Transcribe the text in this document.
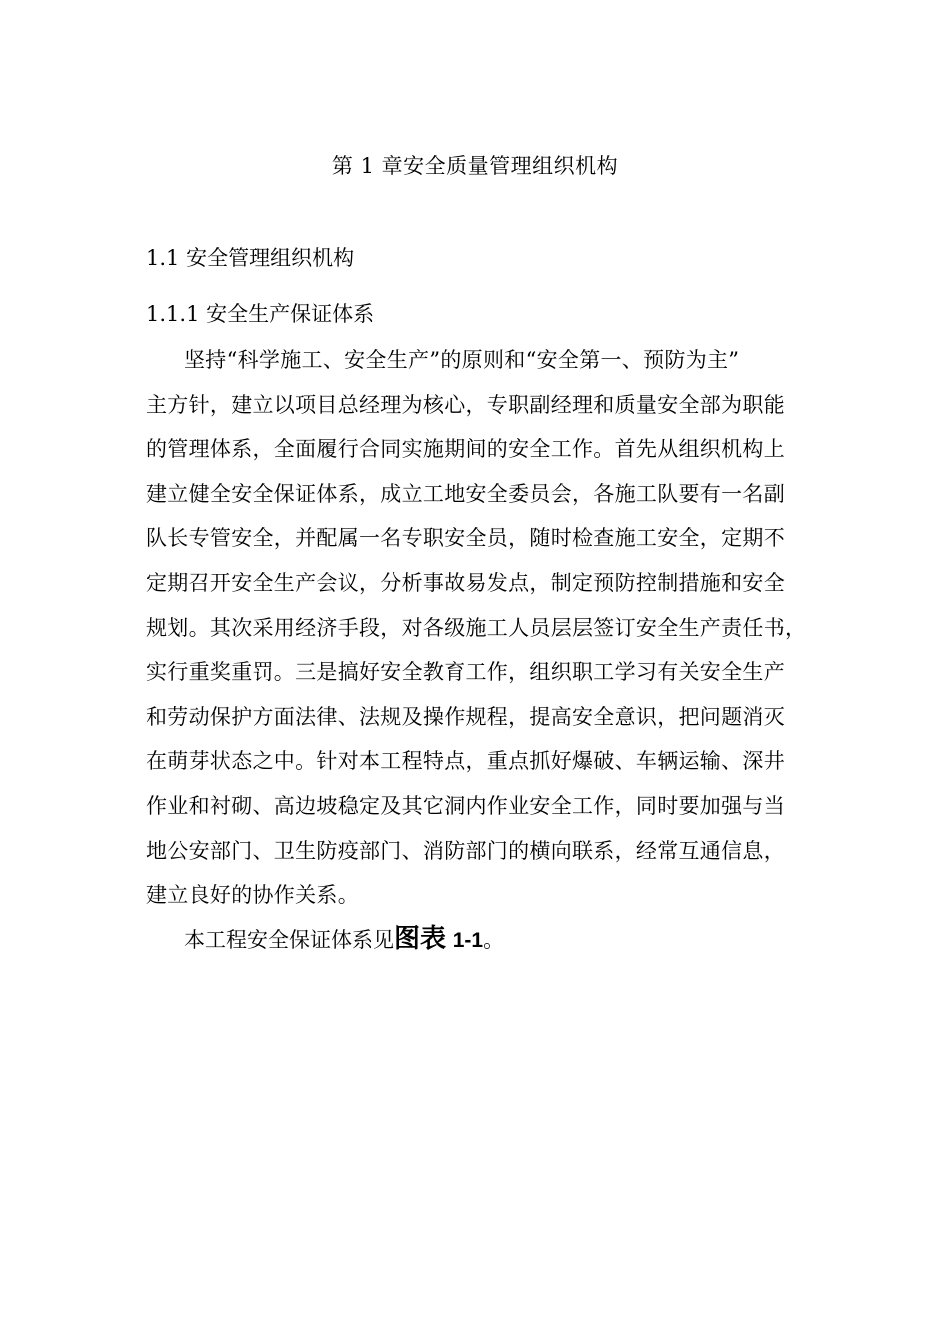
第 1 章安全质量管理组织机构
1.1 安全管理组织机构
1.1.1 安全生产保证体系
坚持“科学施工、安全生产”的原则和“安全第一、预防为主”
主方针，建立以项目总经理为核心，专职副经理和质量安全部为职能
的管理体系，全面履行合同实施期间的安全工作。首先从组织机构上
建立健全安全保证体系，成立工地安全委员会，各施工队要有一名副
队长专管安全，并配属一名专职安全员，随时检查施工安全，定期不
定期召开安全生产会议，分析事故易发点，制定预防控制措施和安全
规划。其次采用经济手段，对各级施工人员层层签订安全生产责任书，
实行重奖重罚。三是搞好安全教育工作，组织职工学习有关安全生产
和劳动保护方面法律、法规及操作规程，提高安全意识，把问题消灭
在萌芽状态之中。针对本工程特点，重点抓好爆破、车辆运输、深井
作业和衬砌、高边坡稳定及其它洞内作业安全工作，同时要加强与当
地公安部门、卫生防疫部门、消防部门的横向联系，经常互通信息，
建立良好的协作关系。
本工程安全保证体系见图表 1-1。
